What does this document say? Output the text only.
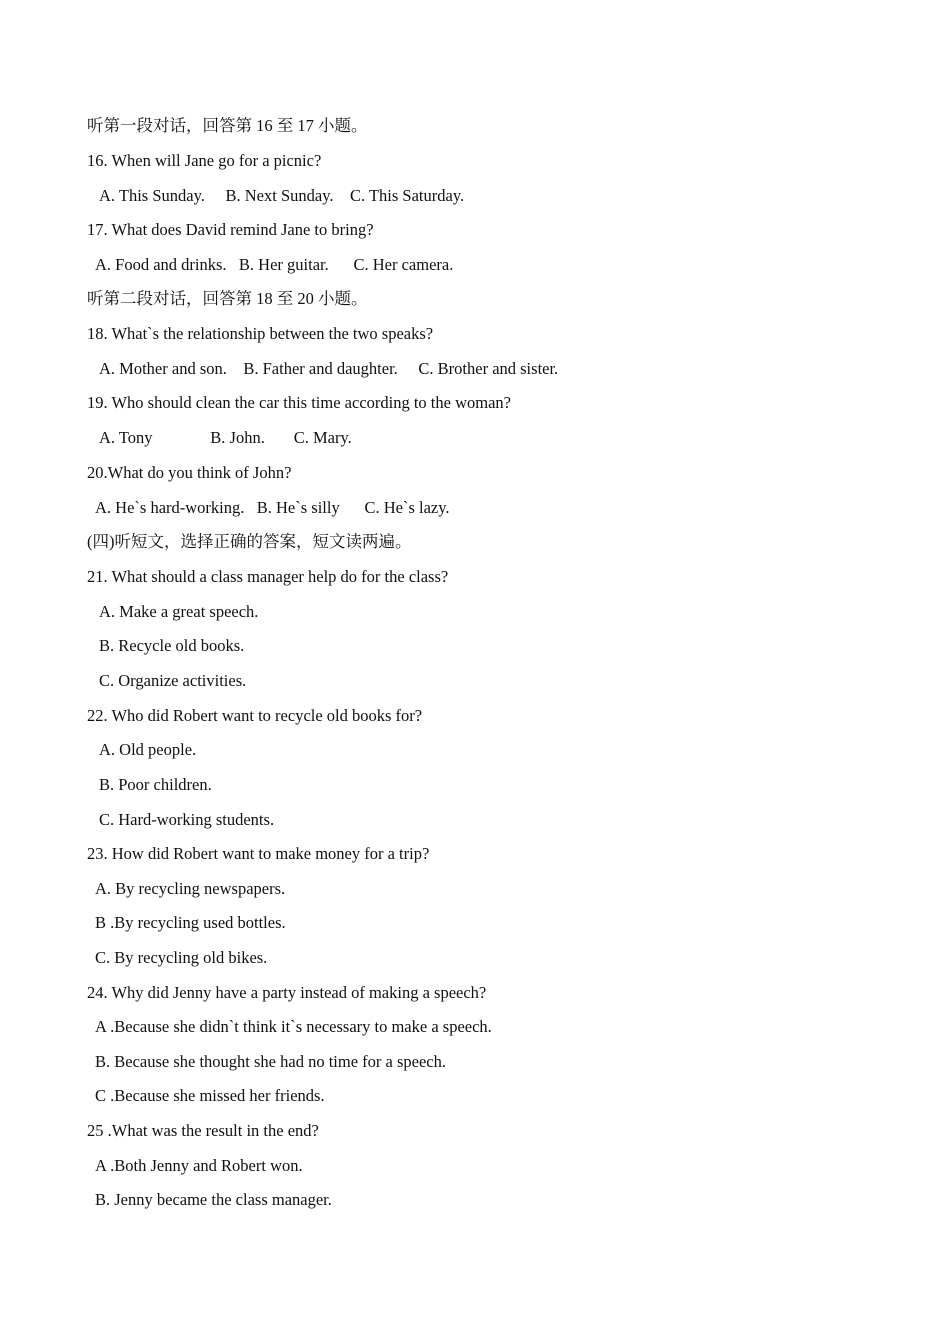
听第一段对话，回答第 16 至 17 小题。
16. When will Jane go for a picnic?
A. This Sunday.     B. Next Sunday.    C. This Saturday.
17. What does David remind Jane to bring?
A. Food and drinks.   B. Her guitar.      C. Her camera.
听第二段对话，回答第 18 至 20 小题。
18. What`s the relationship between the two speaks?
A. Mother and son.    B. Father and daughter.     C. Brother and sister.
19. Who should clean the car this time according to the woman?
A. Tony              B. John.       C. Mary.
20.What do you think of John?
A. He`s hard-working.   B. He`s silly      C. He`s lazy.
(四)听短文，选择正确的答案，短文读两遍。
21. What should a class manager help do for the class?
A. Make a great speech.
B. Recycle old books.
C. Organize activities.
22. Who did Robert want to recycle old books for?
A. Old people.
B. Poor children.
C. Hard-working students.
23. How did Robert want to make money for a trip?
A. By recycling newspapers.
B .By recycling used bottles.
C. By recycling old bikes.
24. Why did Jenny have a party instead of making a speech?
A .Because she didn`t think it`s necessary to make a speech.
B. Because she thought she had no time for a speech.
C .Because she missed her friends.
25 .What was the result in the end?
A .Both Jenny and Robert won.
B. Jenny became the class manager.
